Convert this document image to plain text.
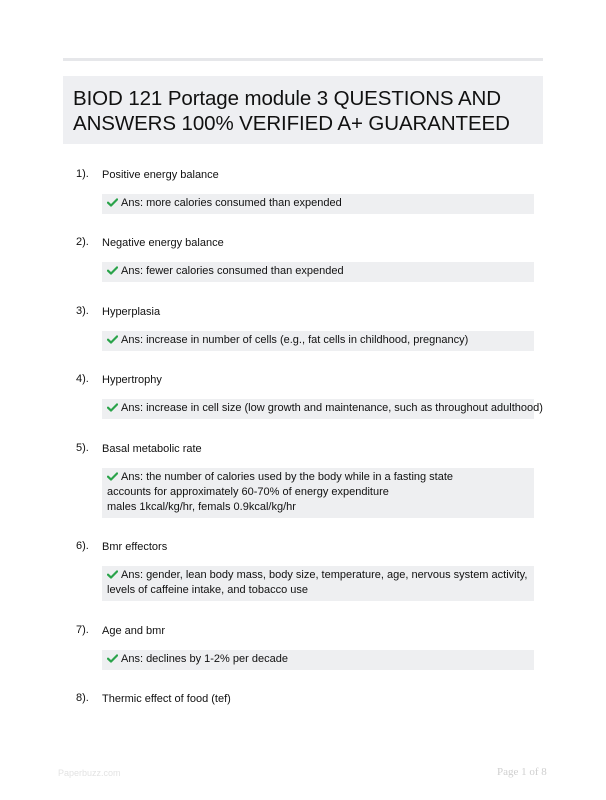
BIOD 121 Portage module 3 QUESTIONS AND ANSWERS 100% VERIFIED A+ GUARANTEED
1). Positive energy balance
Ans: more calories consumed than expended
2). Negative energy balance
Ans: fewer calories consumed than expended
3). Hyperplasia
Ans: increase in number of cells (e.g., fat cells in childhood, pregnancy)
4). Hypertrophy
Ans: increase in cell size (low growth and maintenance, such as throughout adulthood)
5). Basal metabolic rate
Ans: the number of calories used by the body while in a fasting state
accounts for approximately 60-70% of energy expenditure
males 1kcal/kg/hr, femals 0.9kcal/kg/hr
6). Bmr effectors
Ans: gender, lean body mass, body size, temperature, age, nervous system activity,
levels of caffeine intake, and tobacco use
7). Age and bmr
Ans: declines by 1-2% per decade
8). Thermic effect of food (tef)
Paperbuzz.com	Page 1 of 8
